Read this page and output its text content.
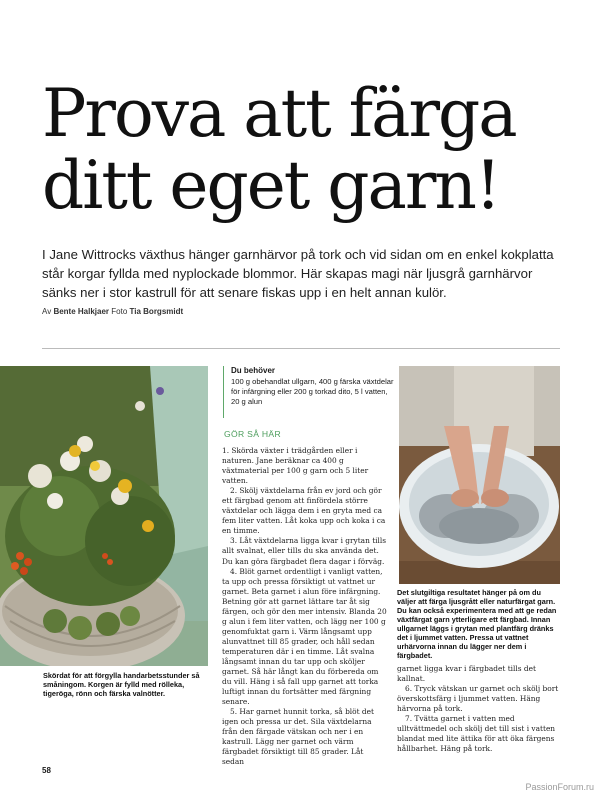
Prova att färga
ditt eget garn!

I Jane Wittrocks växthus hänger garnhärvor på tork och vid sidan om en enkel kokplatta står korgar fyllda med nyplockade blommor. Här skapas magi när ljusgrå garnhärvor sänks ner i stor kastrull för att senare fiskas upp i en helt annan kulör.

Av Bente Halkjaer Foto Tia Borgsmidt
Skördat för att förgylla handarbetsstunder så småningom. Korgen är fylld med rölleka, tigeröga, rönn och färska valnötter.
Det slutgiltiga resultatet hänger på om du väljer att färga ljusgrått eller naturfärgat garn. Du kan också experimentera med att ge redan växtfärgat garn ytterligare ett färgbad. Innan ullgarnet läggs i grytan med plantfärg dränks det i ljummet vatten. Pressa ut vattnet urhärvorna innan du lägger ner dem i färgbadet.
Du behöver

100 g obehandlat ullgarn, 400 g färska växtdelar för infärgning eller 200 g torkad dito, 5 l vatten, 20 g alun

GÖR SÅ HÄR

1. Skörda växter i trädgården eller i naturen. Jane beräknar ca 400 g växtmaterial per 100 g garn och 5 liter vatten.

2. Skölj växtdelarna från ev jord och gör ett färgbad genom att finfördela större växtdelar och lägga dem i en gryta med ca fem liter vatten. Låt koka upp och koka i ca en timme.

3. Låt växtdelarna ligga kvar i grytan tills allt svalnat, eller tills du ska använda det. Du kan göra färgbadet flera dagar i förväg.

4. Blöt garnet ordentligt i vanligt vatten, ta upp och pressa försiktigt ut vattnet ur garnet. Beta garnet i alun före infärgning. Betning gör att garnet lättare tar åt sig färgen, och gör den mer intensiv. Blanda 20 g alun i fem liter vatten, och lägg ner 100 g genomfuktat garn i. Värm långsamt upp alunvattnet till 85 grader, och håll sedan temperaturen där i en timme. Låt svalna långsamt innan du tar upp och sköljer garnet. Så här långt kan du förbereda om du vill. Häng i så fall upp garnet att torka luftigt innan du fortsätter med färgning senare.

5. Har garnet hunnit torka, så blöt det igen och pressa ur det. Sila växtdelarna från den färgade vätskan och ner i en kastrull. Lägg ner garnet och värm färgbadet försiktigt till 85 grader. Låt sedan

garnet ligga kvar i färgbadet tills det kallnat.

6. Tryck vätskan ur garnet och skölj bort överskottsfärg i ljummet vatten. Häng härvorna på tork.

7. Tvätta garnet i vatten med ulltvättmedel och skölj det till sist i vatten blandat med lite ättika för att öka färgens hållbarhet. Häng på tork.

58
PassionForum.ru
